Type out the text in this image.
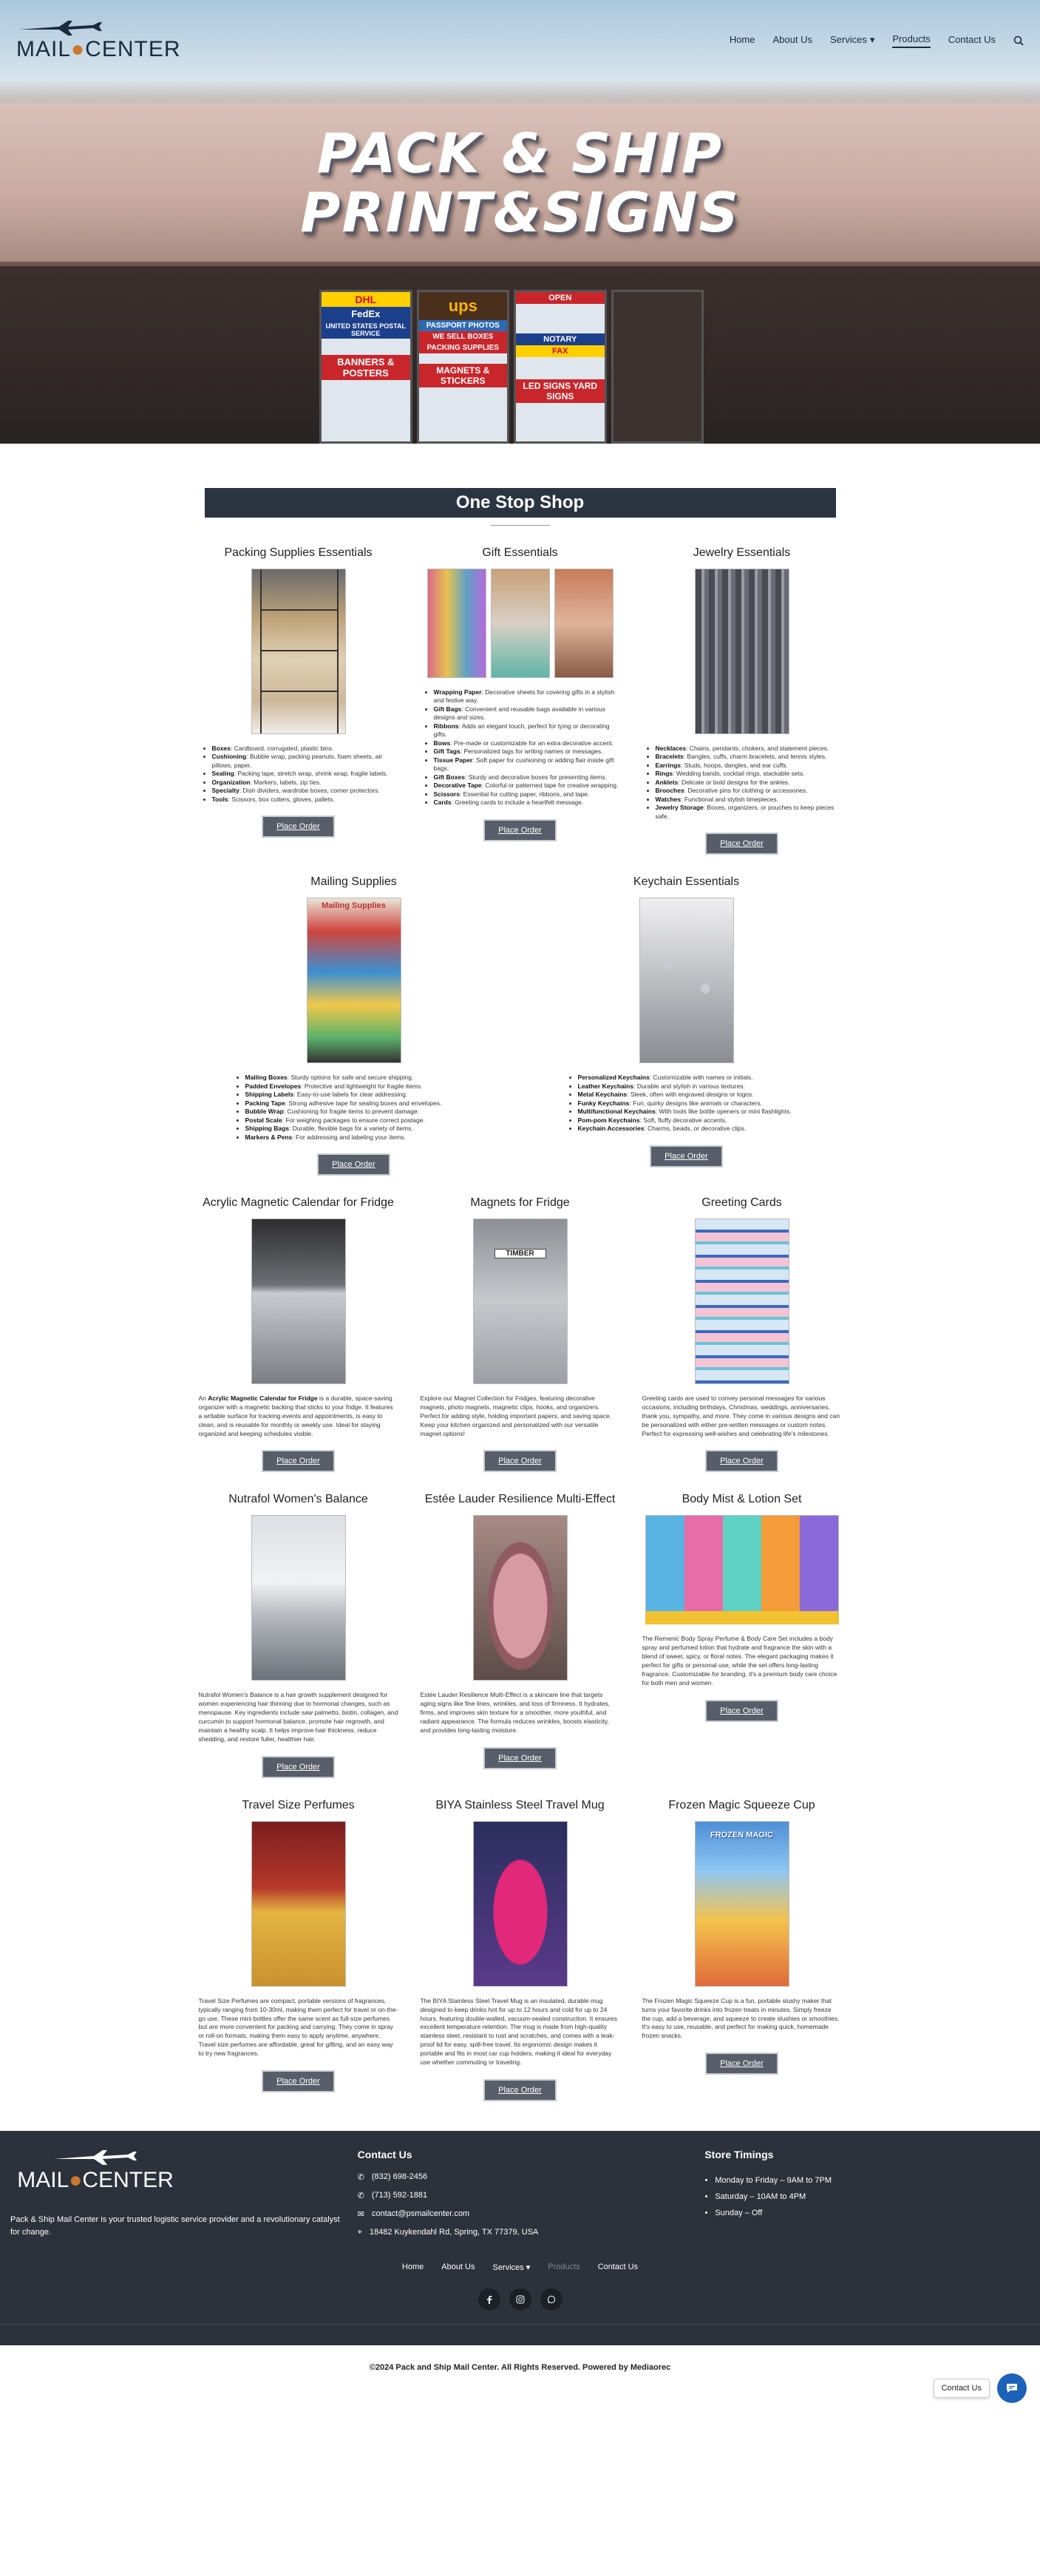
PACK & SHIP
PRINT&SIGNS
DHL
FedEx
UNITED STATES POSTAL SERVICE
BANNERS & POSTERS
ups
PASSPORT PHOTOS
WE SELL BOXES
PACKING SUPPLIES
MAGNETS & STICKERS
OPEN
NOTARY
FAX
LED SIGNS YARD SIGNS
MAIL●CENTER	Home About Us Services ▾ Products Contact Us
One Stop Shop
Packing Supplies Essentials
• Boxes: Cardboard, corrugated, plastic bins.
• Cushioning: Bubble wrap, packing peanuts, foam sheets, air pillows, paper.
• Sealing: Packing tape, stretch wrap, shrink wrap, fragile labels.
• Organization: Markers, labels, zip ties.
• Specialty: Dish dividers, wardrobe boxes, corner protectors.
• Tools: Scissors, box cutters, gloves, pallets.
Place Order
Gift Essentials
• Wrapping Paper: Decorative sheets for covering gifts in a stylish and festive way.
• Gift Bags: Convenient and reusable bags available in various designs and sizes.
• Ribbons: Adds an elegant touch, perfect for tying or decorating gifts.
• Bows: Pre-made or customizable for an extra decorative accent.
• Gift Tags: Personalized tags for writing names or messages.
• Tissue Paper: Soft paper for cushioning or adding flair inside gift bags.
• Gift Boxes: Sturdy and decorative boxes for presenting items.
• Decorative Tape: Colorful or patterned tape for creative wrapping.
• Scissors: Essential for cutting paper, ribbons, and tape.
• Cards: Greeting cards to include a heartfelt message.
Place Order
Jewelry Essentials
• Necklaces: Chains, pendants, chokers, and statement pieces.
• Bracelets: Bangles, cuffs, charm bracelets, and tennis styles.
• Earrings: Studs, hoops, dangles, and ear cuffs.
• Rings: Wedding bands, cocktail rings, stackable sets.
• Anklets: Delicate or bold designs for the ankles.
• Brooches: Decorative pins for clothing or accessories.
• Watches: Functional and stylish timepieces.
• Jewelry Storage: Boxes, organizers, or pouches to keep pieces safe.
Place Order
Mailing Supplies
Mailing Supplies
• Mailing Boxes: Sturdy options for safe and secure shipping.
• Padded Envelopes: Protective and lightweight for fragile items.
• Shipping Labels: Easy-to-use labels for clear addressing.
• Packing Tape: Strong adhesive tape for sealing boxes and envelopes.
• Bubble Wrap: Cushioning for fragile items to prevent damage.
• Postal Scale: For weighing packages to ensure correct postage.
• Shipping Bags: Durable, flexible bags for a variety of items.
• Markers & Pens: For addressing and labeling your items.
Place Order
Keychain Essentials
• Personalized Keychains: Customizable with names or initials.
• Leather Keychains: Durable and stylish in various textures.
• Metal Keychains: Sleek, often with engraved designs or logos.
• Funky Keychains: Fun, quirky designs like animals or characters.
• Multifunctional Keychains: With tools like bottle openers or mini flashlights.
• Pom-pom Keychains: Soft, fluffy decorative accents.
• Keychain Accessories: Charms, beads, or decorative clips.
Place Order
Acrylic Magnetic Calendar for Fridge

An Acrylic Magnetic Calendar for Fridge is a durable, space-saving organizer with a magnetic backing that sticks to your fridge. It features a writable surface for tracking events and appointments, is easy to clean, and is reusable for monthly or weekly use. Ideal for staying organized and keeping schedules visible.

Place Order
Magnets for Fridge
TIMBER

Explore our Magnet Collection for Fridges, featuring decorative magnets, photo magnets, magnetic clips, hooks, and organizers. Perfect for adding style, holding important papers, and saving space. Keep your kitchen organized and personalized with our versatile magnet options!

Place Order
Greeting Cards

Greeting cards are used to convey personal messages for various occasions, including birthdays, Christmas, weddings, anniversaries, thank you, sympathy, and more. They come in various designs and can be personalized with either pre-written messages or custom notes. Perfect for expressing well-wishes and celebrating life's milestones.

Place Order
Nutrafol Women's Balance

Nutrafol Women's Balance is a hair growth supplement designed for women experiencing hair thinning due to hormonal changes, such as menopause. Key ingredients include saw palmetto, biotin, collagen, and curcumin to support hormonal balance, promote hair regrowth, and maintain a healthy scalp. It helps improve hair thickness, reduce shedding, and restore fuller, healthier hair.

Place Order
Estée Lauder Resilience Multi-Effect

Estée Lauder Resilience Multi-Effect is a skincare line that targets aging signs like fine lines, wrinkles, and loss of firmness. It hydrates, firms, and improves skin texture for a smoother, more youthful, and radiant appearance. The formula reduces wrinkles, boosts elasticity, and provides long-lasting moisture.

Place Order
Body Mist & Lotion Set

The Remenic Body Spray Perfume & Body Care Set includes a body spray and perfumed lotion that hydrate and fragrance the skin with a blend of sweet, spicy, or floral notes. The elegant packaging makes it perfect for gifts or personal use, while the set offers long-lasting fragrance. Customizable for branding, it's a premium body care choice for both men and women.

Place Order
Travel Size Perfumes

Travel Size Perfumes are compact, portable versions of fragrances, typically ranging from 10-30ml, making them perfect for travel or on-the-go use. These mini bottles offer the same scent as full-size perfumes but are more convenient for packing and carrying. They come in spray or roll-on formats, making them easy to apply anytime, anywhere. Travel size perfumes are affordable, great for gifting, and an easy way to try new fragrances.

Place Order
BIYA Stainless Steel Travel Mug

The BIYA Stainless Steel Travel Mug is an insulated, durable mug designed to keep drinks hot for up to 12 hours and cold for up to 24 hours, featuring double-walled, vacuum-sealed construction. It ensures excellent temperature retention. The mug is made from high-quality stainless steel, resistant to rust and scratches, and comes with a leak-proof lid for easy, spill-free travel. Its ergonomic design makes it portable and fits in most car cup holders, making it ideal for everyday use whether commuting or traveling.

Place Order
Frozen Magic Squeeze Cup
FROZEN MAGIC

The Frozen Magic Squeeze Cup is a fun, portable slushy maker that turns your favorite drinks into frozen treats in minutes. Simply freeze the cup, add a beverage, and squeeze to create slushies or smoothies. It's easy to use, reusable, and perfect for making quick, homemade frozen snacks.

Place Order
MAIL●CENTER

Pack & Ship Mail Center is your trusted logistic service provider and a revolutionary catalyst for change.

Contact Us
✆ (832) 698-2456
✆ (713) 592-1881
✉ contact@psmailcenter.com
⌖ 18482 Kuykendahl Rd, Spring, TX 77379, USA
Store Timings
• Monday to Friday – 9AM to 7PM
• Saturday – 10AM to 4PM
• Sunday – Off
Home About Us Services ▾ Products Contact Us
©2024 Pack and Ship Mail Center. All Rights Reserved. Powered by Mediaorec
Contact Us
